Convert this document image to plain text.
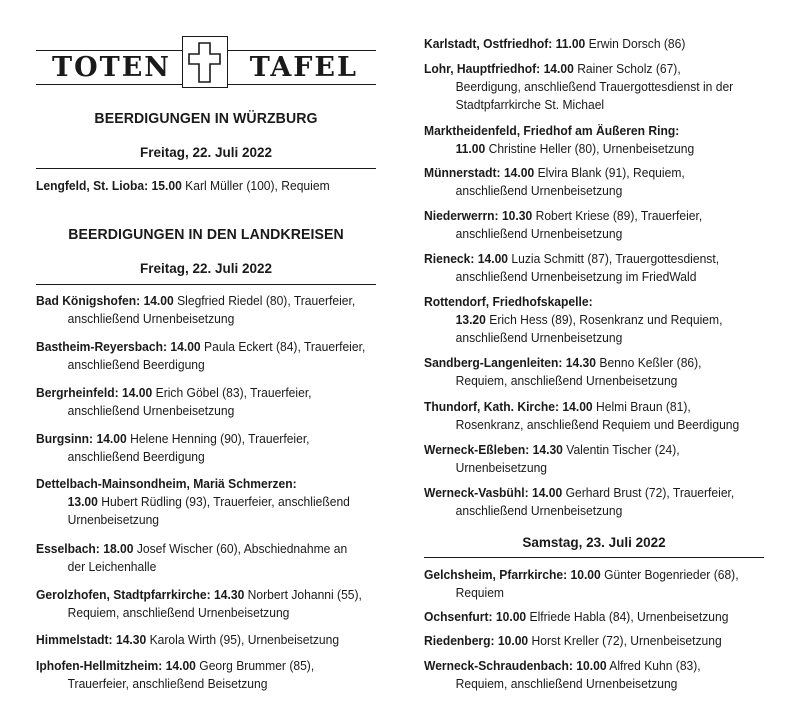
TOTEN	TAFEL
BEERDIGUNGEN IN WÜRZBURG
Freitag, 22. Juli 2022
Lengfeld, St. Lioba: 15.00 Karl Müller (100), Requiem
BEERDIGUNGEN IN DEN LANDKREISEN
Freitag, 22. Juli 2022
Bad Königshofen: 14.00 Slegfried Riedel (80), Trauerfeier,
anschließend Urnenbeisetzung
Bastheim-Reyersbach: 14.00 Paula Eckert (84), Trauerfeier,
anschließend Beerdigung
Bergrheinfeld: 14.00 Erich Göbel (83), Trauerfeier,
anschließend Urnenbeisetzung
Burgsinn: 14.00 Helene Henning (90), Trauerfeier,
anschließend Beerdigung
Dettelbach-Mainsondheim, Mariä Schmerzen:
13.00 Hubert Rüdling (93), Trauerfeier, anschließend
Urnenbeisetzung
Esselbach: 18.00 Josef Wischer (60), Abschiednahme an
der Leichenhalle
Gerolzhofen, Stadtpfarrkirche: 14.30 Norbert Johanni (55),
Requiem, anschließend Urnenbeisetzung
Himmelstadt: 14.30 Karola Wirth (95), Urnenbeisetzung
Iphofen-Hellmitzheim: 14.00 Georg Brummer (85),
Trauerfeier, anschließend Beisetzung
Karlstadt, Ostfriedhof: 11.00 Erwin Dorsch (86)
Lohr, Hauptfriedhof: 14.00 Rainer Scholz (67),
Beerdigung, anschließend Trauergottesdienst in der
Stadtpfarrkirche St. Michael
Marktheidenfeld, Friedhof am Äußeren Ring:
11.00 Christine Heller (80), Urnenbeisetzung
Münnerstadt: 14.00 Elvira Blank (91), Requiem,
anschließend Urnenbeisetzung
Niederwerrn: 10.30 Robert Kriese (89), Trauerfeier,
anschließend Urnenbeisetzung
Rieneck: 14.00 Luzia Schmitt (87), Trauergottesdienst,
anschließend Urnenbeisetzung im FriedWald
Rottendorf, Friedhofskapelle:
13.20 Erich Hess (89), Rosenkranz und Requiem,
anschließend Urnenbeisetzung
Sandberg-Langenleiten: 14.30 Benno Keßler (86),
Requiem, anschließend Urnenbeisetzung
Thundorf, Kath. Kirche: 14.00 Helmi Braun (81),
Rosenkranz, anschließend Requiem und Beerdigung
Werneck-Eßleben: 14.30 Valentin Tischer (24),
Urnenbeisetzung
Werneck-Vasbühl: 14.00 Gerhard Brust (72), Trauerfeier,
anschließend Urnenbeisetzung
Samstag, 23. Juli 2022
Gelchsheim, Pfarrkirche: 10.00 Günter Bogenrieder (68),
Requiem
Ochsenfurt: 10.00 Elfriede Habla (84), Urnenbeisetzung
Riedenberg: 10.00 Horst Kreller (72), Urnenbeisetzung
Werneck-Schraudenbach: 10.00 Alfred Kuhn (83),
Requiem, anschließend Urnenbeisetzung
